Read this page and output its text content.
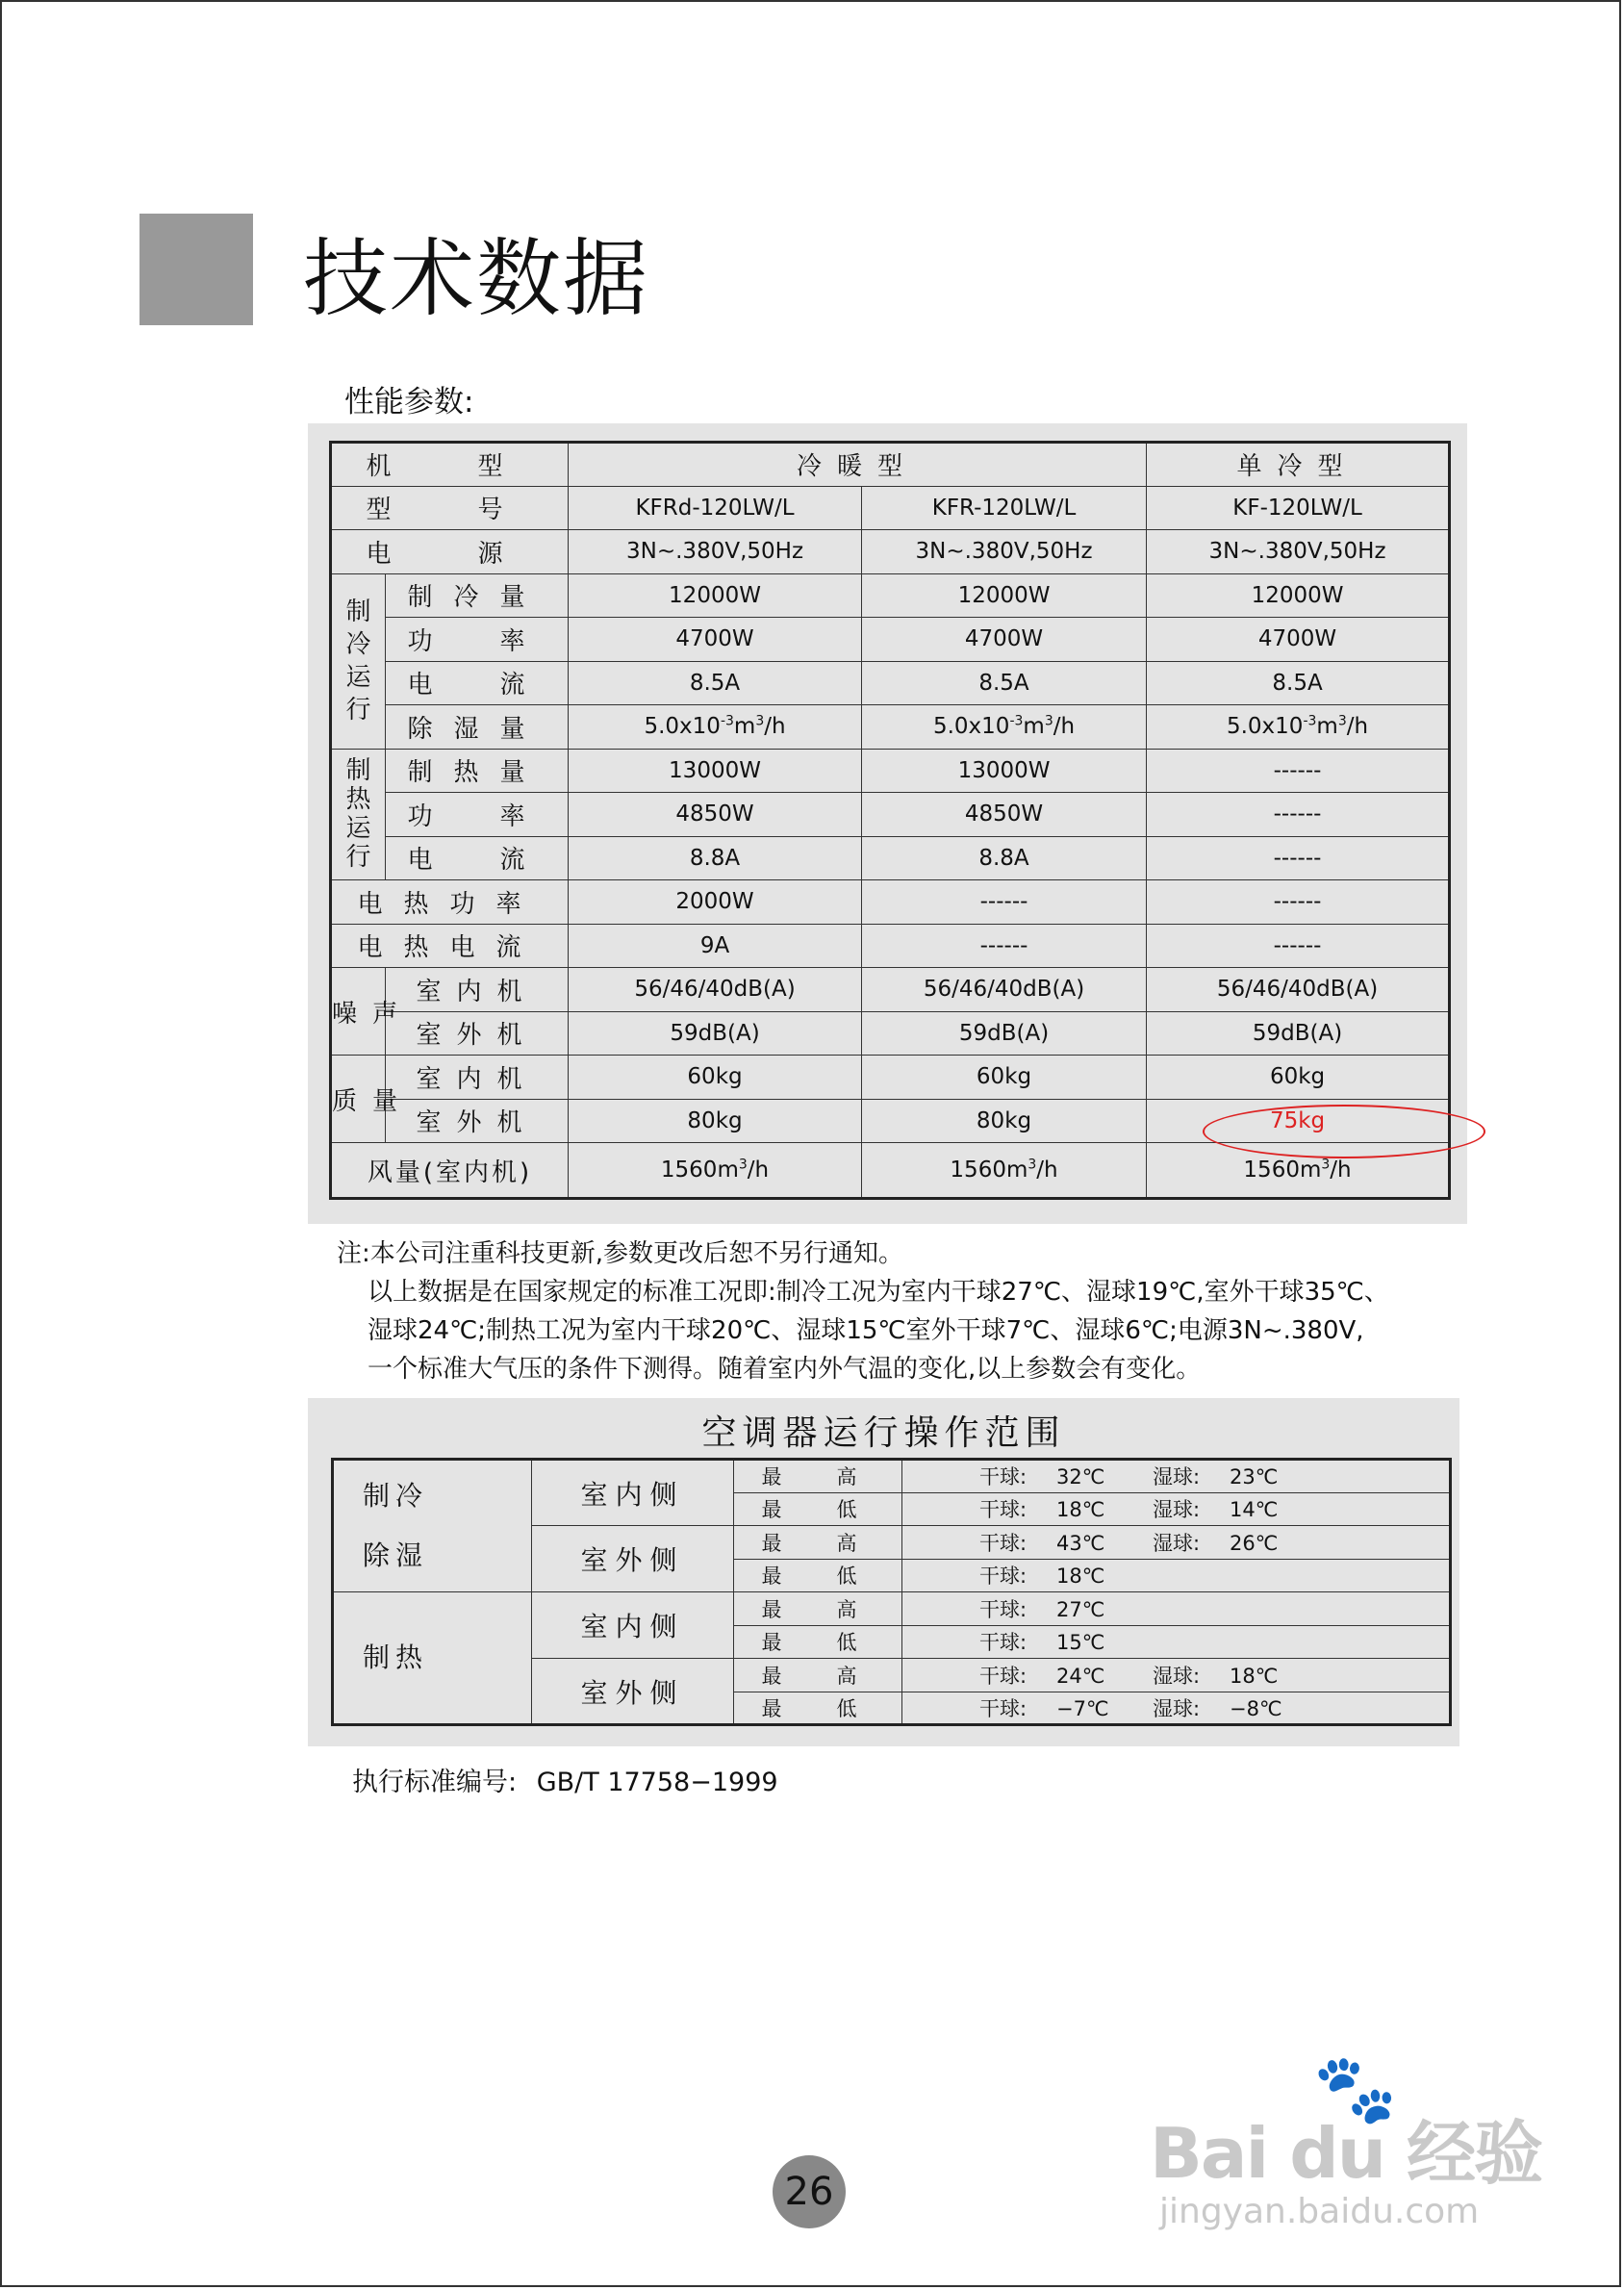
技术数据
性能参数:
机　型		冷暖型		单冷型
型　号		KFRd-120LW/L	KFR-120LW/L	KF-120LW/L
电　源		3N~.380V,50Hz	3N~.380V,50Hz	3N~.380V,50Hz

制冷运行	制冷量	12000W	12000W	12000W
	功　率	4700W	4700W	4700W
	电　流	8.5A	8.5A	8.5A
	除湿量	$5.0x10^{-3}m^3/h$	$5.0x10^{-3}m^3/h$	$5.0x10^{-3}m^3/h$

制热运行	制热量	13000W	13000W	------
	功　率	4850W	4850W	------
	电　流	8.8A	8.8A	------
电热功率		2000W	------	------
电热电流		9A	------	------
噪声	室内机	56/46/40dB(A)	56/46/40dB(A)	56/46/40dB(A)
	室外机	59dB(A)	59dB(A)	59dB(A)
质量	室内机	60kg	60kg	60kg
	室外机	80kg	80kg	75kg
风量(室内机)		$1560m^3/h$	$1560m^3/h$	$1560m^3/h$
注:本公司注重科技更新,参数更改后恕不另行通知。
以上数据是在国家规定的标准工况即:制冷工况为室内干球27℃、湿球19℃,室外干球35℃、
湿球24℃;制热工况为室内干球20℃、湿球15℃室外干球7℃、湿球6℃;电源3N~.380V,
一个标准大气压的条件下测得。随着室内外气温的变化,以上参数会有变化。
空调器运行操作范围
制冷
除湿	室内侧	最　高	干球: 32℃ 湿球: 23℃
		最　低	干球: 18℃ 湿球: 14℃
	室外侧	最　高	干球: 43℃ 湿球: 26℃
		最　低	干球: 18℃
制热	室内侧	最　高	干球: 27℃
		最　低	干球: 15℃
	室外侧	最　高	干球: 24℃ 湿球: 18℃
		最　低	干球: −7℃ 湿球: −8℃
执行标准编号: GB/T 17758−1999
🐾
Bai du 经验
jingyan.baidu.com
26
